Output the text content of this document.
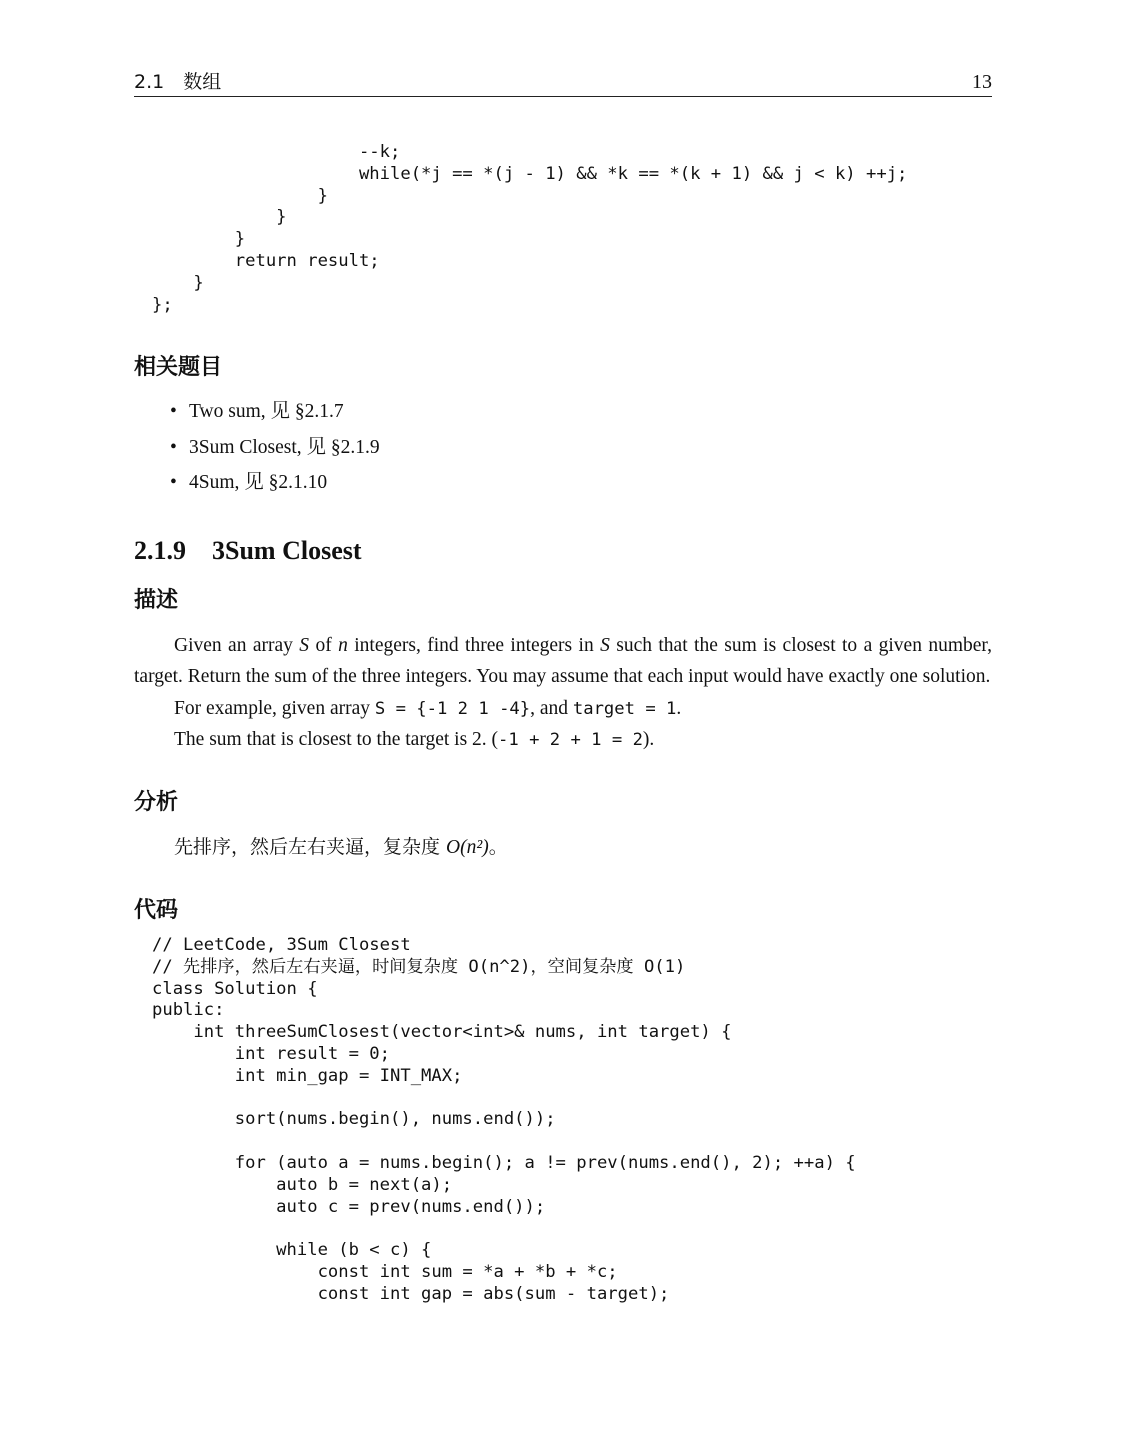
2.1　数组	13
--k;
while(*j == *(j - 1) && *k == *(k + 1) && j < k) ++j;
}
}
}
return result;
}
};
相关题目
• Two sum, 见 §2.1.7
• 3Sum Closest, 见 §2.1.9
• 4Sum, 见 §2.1.10
2.1.9 3Sum Closest
描述
Given an array S of n integers, find three integers in S such that the sum is closest to a given number, target. Return the sum of the three integers. You may assume that each input would have exactly one solution.
For example, given array S = {-1 2 1 -4}, and target = 1.
The sum that is closest to the target is 2. (-1 + 2 + 1 = 2).
分析
先排序，然后左右夹逼，复杂度 O(n²)。
代码
// LeetCode, 3Sum Closest
// 先排序，然后左右夹逼，时间复杂度 O(n^2)，空间复杂度 O(1)
class Solution {
public:
int threeSumClosest(vector<int>& nums, int target) {
int result = 0;
int min_gap = INT_MAX;

sort(nums.begin(), nums.end());

for (auto a = nums.begin(); a != prev(nums.end(), 2); ++a) {
auto b = next(a);
auto c = prev(nums.end());

while (b < c) {
const int sum = *a + *b + *c;
const int gap = abs(sum - target);
